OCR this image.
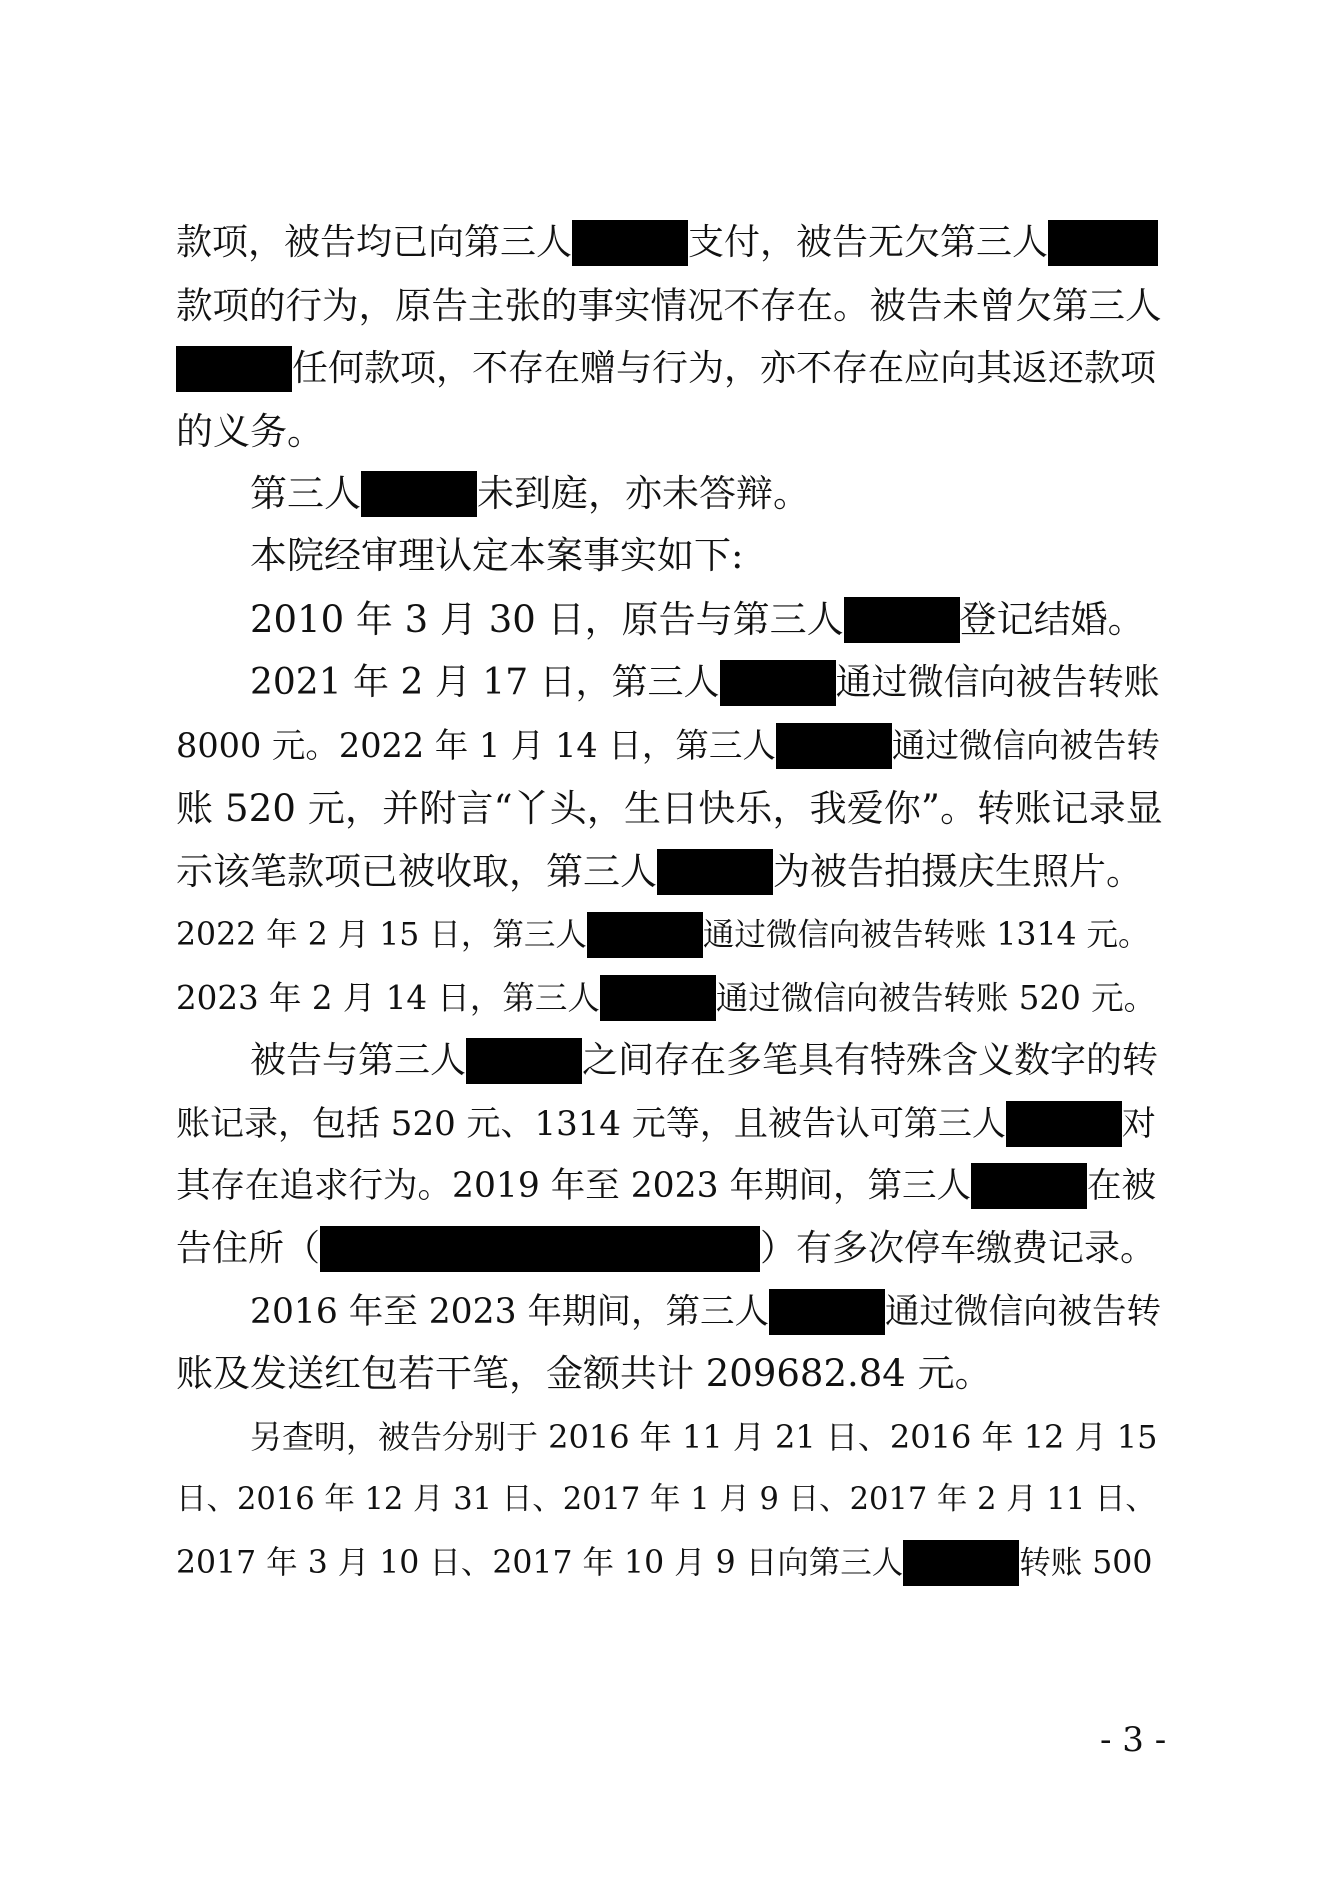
款项，被告均已向第三人	支付，被告无欠第三人
款项的行为，原告主张的事实情况不存在。被告未曾欠第三人
任何款项，不存在赠与行为，亦不存在应向其返还款项
的义务。
第三人	未到庭，亦未答辩。
本院经审理认定本案事实如下:
2010 年 3 月 30 日，原告与第三人	登记结婚。
2021 年 2 月 17 日，第三人	通过微信向被告转账
8000 元。2022 年 1 月 14 日，第三人	通过微信向被告转
账 520 元，并附言“丫头，生日快乐，我爱你”。转账记录显
示该笔款项已被收取，第三人	为被告拍摄庆生照片。
2022 年 2 月 15 日，第三人	通过微信向被告转账 1314 元。
2023 年 2 月 14 日，第三人	通过微信向被告转账 520 元。
被告与第三人	之间存在多笔具有特殊含义数字的转
账记录，包括 520 元、1314 元等，且被告认可第三人	对
其存在追求行为。2019 年至 2023 年期间，第三人	在被
告住所（	）有多次停车缴费记录。
2016 年至 2023 年期间，第三人	通过微信向被告转
账及发送红包若干笔，金额共计 209682.84 元。
另查明，被告分别于 2016 年 11 月 21 日、2016 年 12 月 15
日、2016 年 12 月 31 日、2017 年 1 月 9 日、2017 年 2 月 11 日、
2017 年 3 月 10 日、2017 年 10 月 9 日向第三人	转账 500
- 3 -
